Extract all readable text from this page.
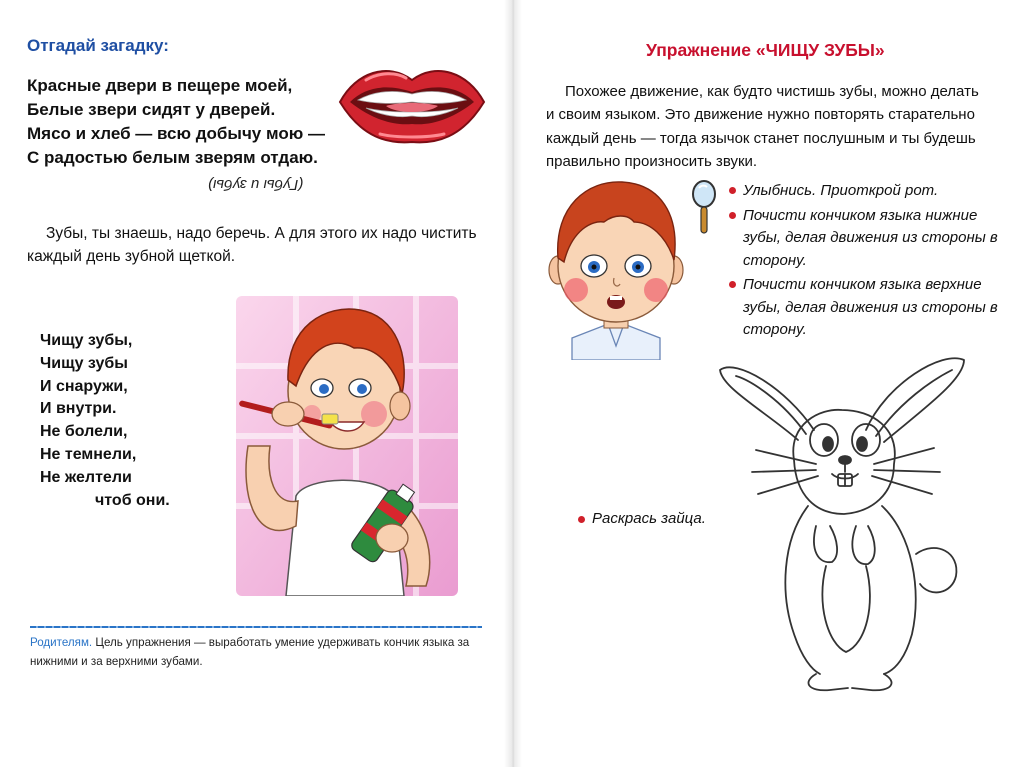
Отгадай загадку:
Красные двери в пещере моей,
Белые звери сидят у дверей.
Мясо и хлеб — всю добычу мою —
С радостью белым зверям отдаю.
(Губы и зубы)
Зубы, ты знаешь, надо беречь. А для этого их надо чистить каждый день зубной щеткой.
Чищу зубы,
Чищу зубы
И снаружи,
И внутри.
Не болели,
Не темнели,
Не желтели
чтоб они.
Родителям. Цель упражнения — выработать умение удерживать кончик языка за нижними и за верхними зубами.
Упражнение «ЧИЩУ ЗУБЫ»
Похожее движение, как будто чистишь зубы, можно делать и своим языком. Это движение нужно повторять старательно каждый день — тогда язычок станет послушным и ты будешь правильно произносить звуки.
Улыбнись. Приоткрой рот.
Почисти кончиком языка нижние зубы, делая движения из стороны в сторону.
Почисти кончиком языка верхние зубы, делая движения из стороны в сторону.
Раскрась зайца.
